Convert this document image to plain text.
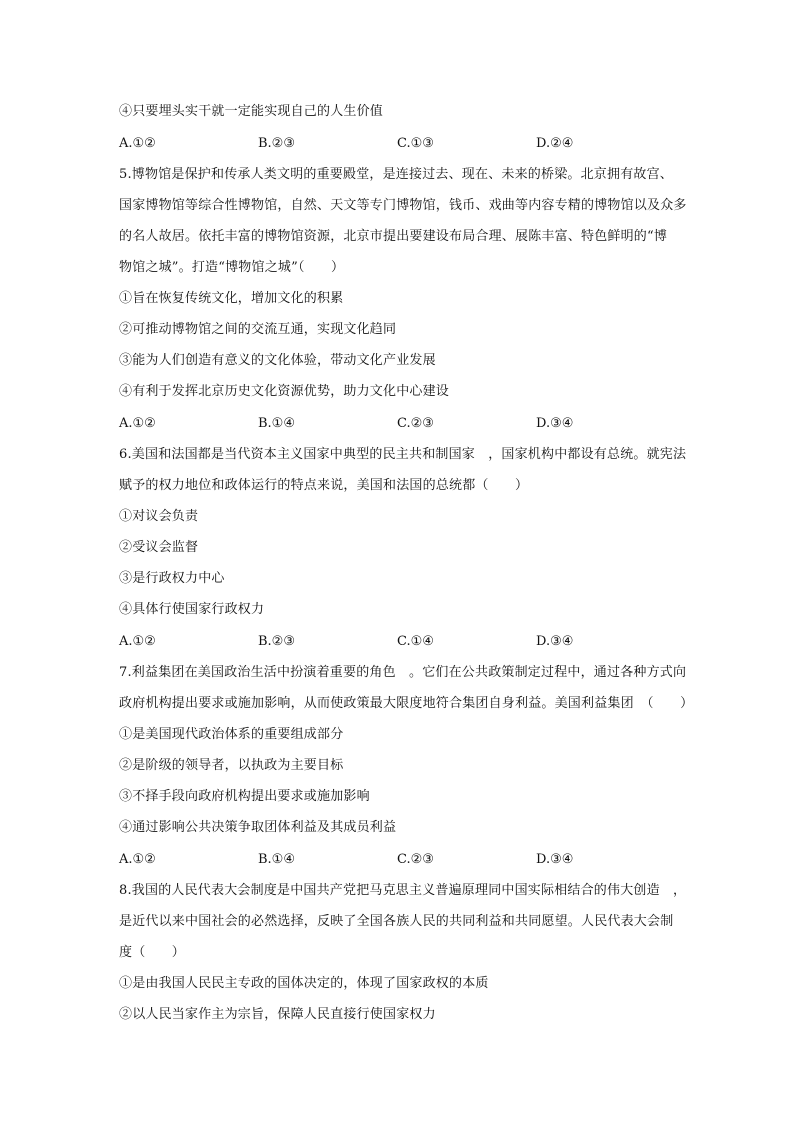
④只要埋头实干就一定能实现自己的人生价值
A.①②	B.②③	C.①③	D.②④
5.博物馆是保护和传承人类文明的重要殿堂，是连接过去、现在、未来的桥梁。北京拥有故宫、
国家博物馆等综合性博物馆，自然、天文等专门博物馆，钱币、戏曲等内容专精的博物馆以及众多
的名人故居。依托丰富的博物馆资源，北京市提出要建设布局合理、展陈丰富、特色鲜明的“博
物馆之城”。打造“博物馆之城”（　　）
①旨在恢复传统文化，增加文化的积累
②可推动博物馆之间的交流互通，实现文化趋同
③能为人们创造有意义的文化体验，带动文化产业发展
④有利于发挥北京历史文化资源优势，助力文化中心建设
A.①②	B.①④	C.②③	D.③④
6.美国和法国都是当代资本主义国家中典型的民主共和制国家　，国家机构中都设有总统。就宪法
赋予的权力地位和政体运行的特点来说，美国和法国的总统都（　　）
①对议会负责
②受议会监督
③是行政权力中心
④具体行使国家行政权力
A.①②	B.②③	C.①④	D.③④
7.利益集团在美国政治生活中扮演着重要的角色　。它们在公共政策制定过程中，通过各种方式向
政府机构提出要求或施加影响，从而使政策最大限度地符合集团自身利益。美国利益集团　（　　）
①是美国现代政治体系的重要组成部分
②是阶级的领导者，以执政为主要目标
③不择手段向政府机构提出要求或施加影响
④通过影响公共决策争取团体利益及其成员利益
A.①②	B.①④	C.②③	D.③④
8.我国的人民代表大会制度是中国共产党把马克思主义普遍原理同中国实际相结合的伟大创造　，
是近代以来中国社会的必然选择，反映了全国各族人民的共同利益和共同愿望。人民代表大会制
度（　　）
①是由我国人民民主专政的国体决定的，体现了国家政权的本质
②以人民当家作主为宗旨，保障人民直接行使国家权力
